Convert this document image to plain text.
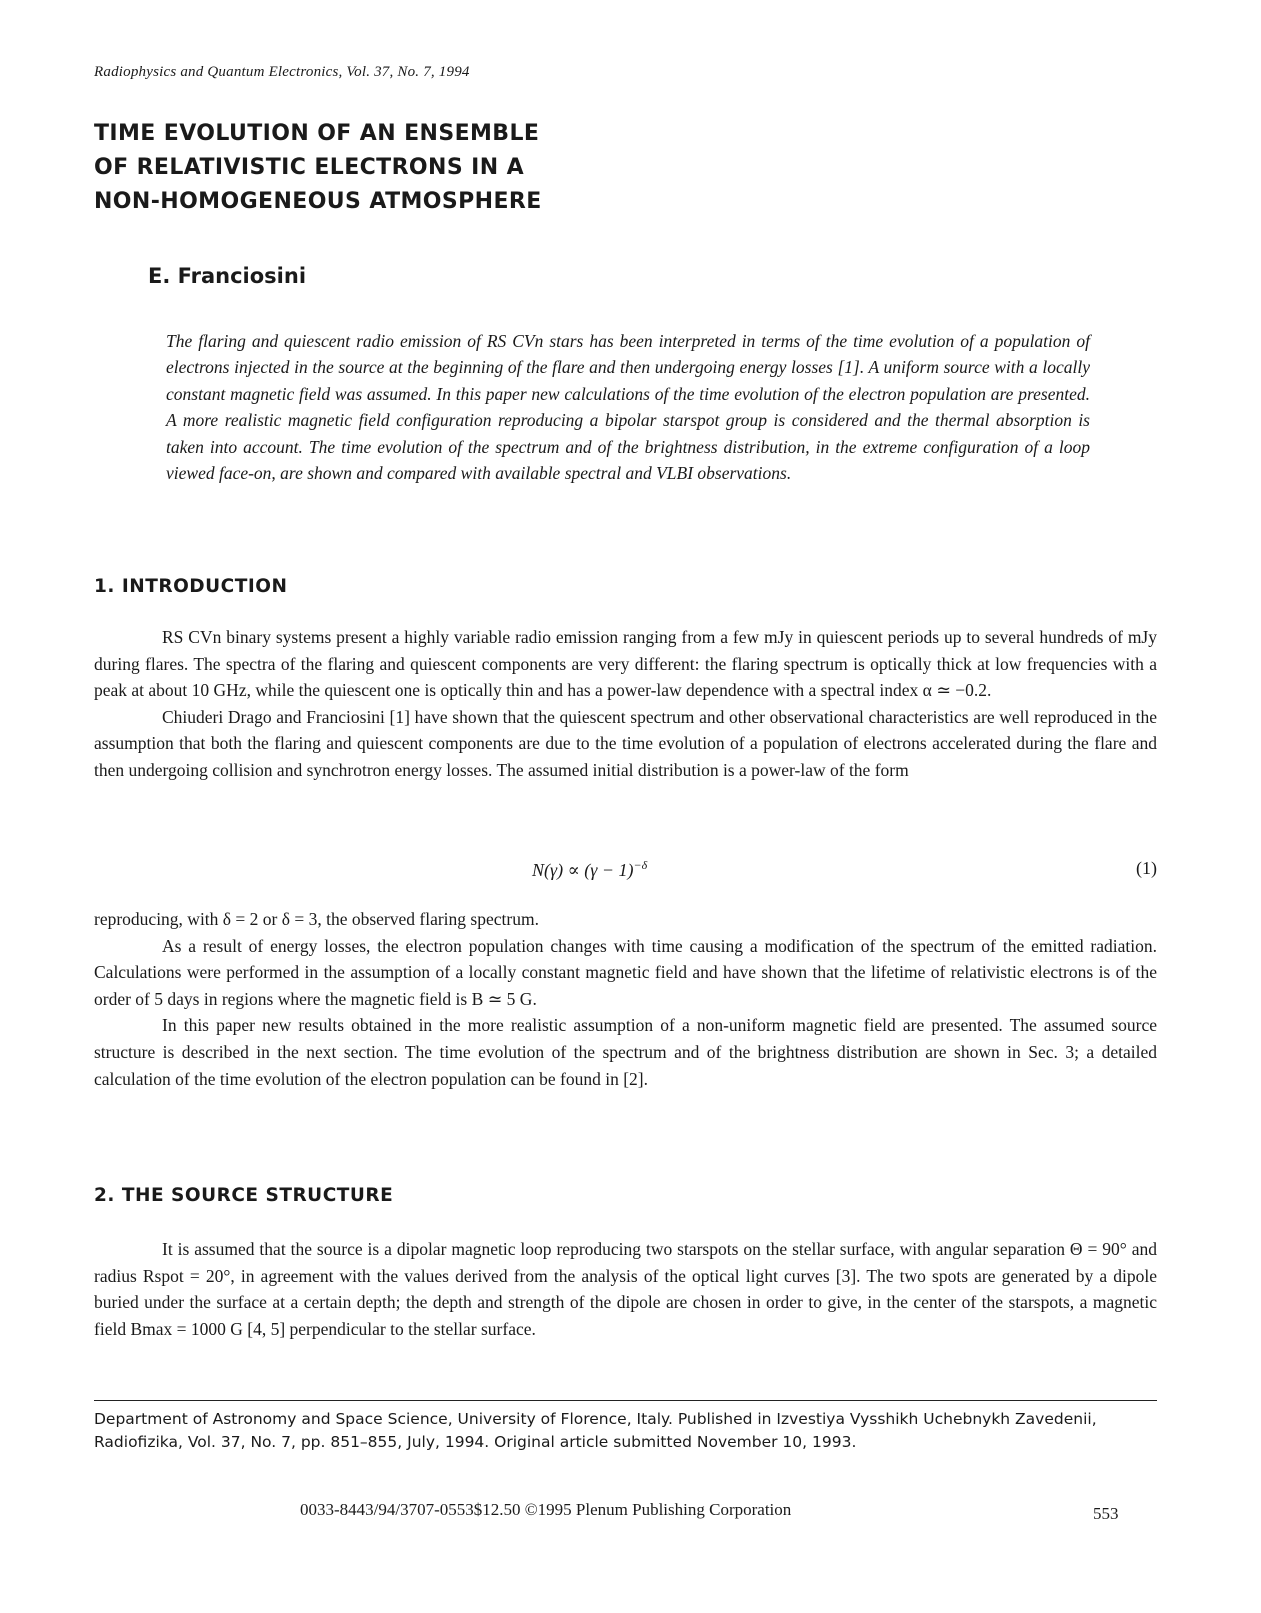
Radiophysics and Quantum Electronics, Vol. 37, No. 7, 1994
TIME EVOLUTION OF AN ENSEMBLE
OF RELATIVISTIC ELECTRONS IN A
NON-HOMOGENEOUS ATMOSPHERE
E. Franciosini

The flaring and quiescent radio emission of RS CVn stars has been interpreted in terms of the time evolution of a population of electrons injected in the source at the beginning of the flare and then undergoing energy losses [1]. A uniform source with a locally constant magnetic field was assumed. In this paper new calculations of the time evolution of the electron population are presented. A more realistic magnetic field configuration reproducing a bipolar starspot group is considered and the thermal absorption is taken into account. The time evolution of the spectrum and of the brightness distribution, in the extreme configuration of a loop viewed face-on, are shown and compared with available spectral and VLBI observations.

1. INTRODUCTION

RS CVn binary systems present a highly variable radio emission ranging from a few mJy in quiescent periods up to several hundreds of mJy during flares. The spectra of the flaring and quiescent components are very different: the flaring spectrum is optically thick at low frequencies with a peak at about 10 GHz, while the quiescent one is optically thin and has a power-law dependence with a spectral index α ≃ −0.2.

Chiuderi Drago and Franciosini [1] have shown that the quiescent spectrum and other observational characteristics are well reproduced in the assumption that both the flaring and quiescent components are due to the time evolution of a population of electrons accelerated during the flare and then undergoing collision and synchrotron energy losses. The assumed initial distribution is a power-law of the form

$N(\gamma) \propto (\gamma - 1)^{-\delta}$	(1)

reproducing, with δ = 2 or δ = 3, the observed flaring spectrum.

As a result of energy losses, the electron population changes with time causing a modification of the spectrum of the emitted radiation. Calculations were performed in the assumption of a locally constant magnetic field and have shown that the lifetime of relativistic electrons is of the order of 5 days in regions where the magnetic field is B ≃ 5 G.

In this paper new results obtained in the more realistic assumption of a non-uniform magnetic field are presented. The assumed source structure is described in the next section. The time evolution of the spectrum and of the brightness distribution are shown in Sec. 3; a detailed calculation of the time evolution of the electron population can be found in [2].

2. THE SOURCE STRUCTURE

It is assumed that the source is a dipolar magnetic loop reproducing two starspots on the stellar surface, with angular separation Θ = 90° and radius Rspot = 20°, in agreement with the values derived from the analysis of the optical light curves [3]. The two spots are generated by a dipole buried under the surface at a certain depth; the depth and strength of the dipole are chosen in order to give, in the center of the starspots, a magnetic field Bmax = 1000 G [4, 5] perpendicular to the stellar surface.

Department of Astronomy and Space Science, University of Florence, Italy. Published in Izvestiya Vysshikh Uchebnykh Zavedenii, Radiofizika, Vol. 37, No. 7, pp. 851–855, July, 1994. Original article submitted November 10, 1993.
0033-8443/94/3707-0553$12.50 ©1995 Plenum Publishing Corporation	553
